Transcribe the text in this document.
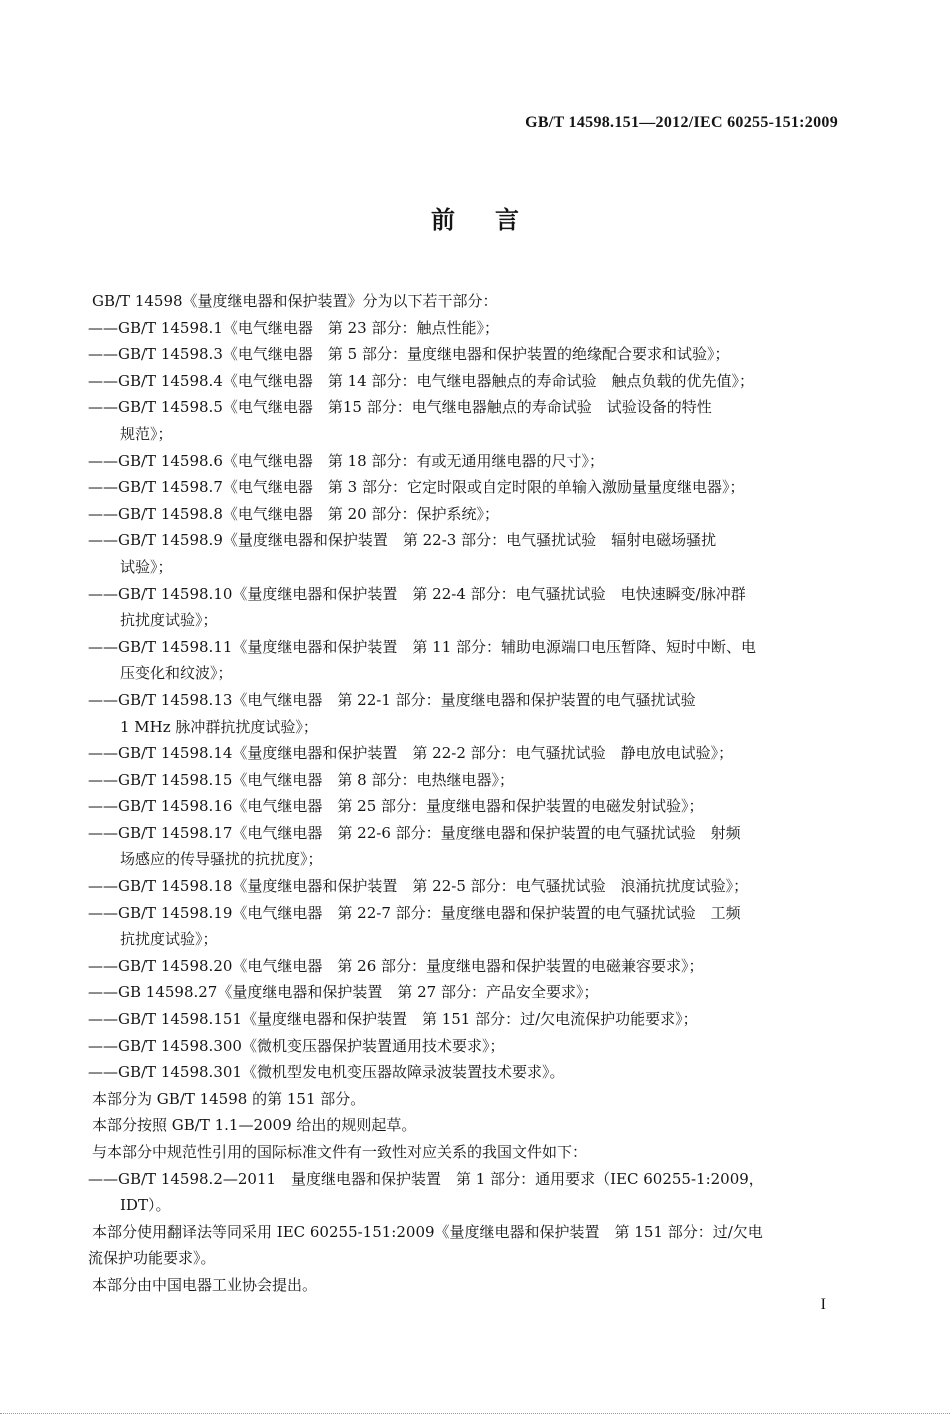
GB/T 14598.151—2012/IEC 60255-151:2009
前言

GB/T 14598《量度继电器和保护装置》分为以下若干部分：

——GB/T 14598.1《电气继电器　第 23 部分：触点性能》；

——GB/T 14598.3《电气继电器　第 5 部分：量度继电器和保护装置的绝缘配合要求和试验》；

——GB/T 14598.4《电气继电器　第 14 部分：电气继电器触点的寿命试验　触点负载的优先值》；

——GB/T 14598.5《电气继电器　第15 部分：电气继电器触点的寿命试验　试验设备的特性

规范》；

——GB/T 14598.6《电气继电器　第 18 部分：有或无通用继电器的尺寸》；

——GB/T 14598.7《电气继电器　第 3 部分：它定时限或自定时限的单输入激励量量度继电器》；

——GB/T 14598.8《电气继电器　第 20 部分：保护系统》；

——GB/T 14598.9《量度继电器和保护装置　第 22-3 部分：电气骚扰试验　辐射电磁场骚扰

试验》；

——GB/T 14598.10《量度继电器和保护装置　第 22-4 部分：电气骚扰试验　电快速瞬变/脉冲群

抗扰度试验》；

——GB/T 14598.11《量度继电器和保护装置　第 11 部分：辅助电源端口电压暂降、短时中断、电

压变化和纹波》；

——GB/T 14598.13《电气继电器　第 22-1 部分：量度继电器和保护装置的电气骚扰试验

1 MHz 脉冲群抗扰度试验》；

——GB/T 14598.14《量度继电器和保护装置　第 22-2 部分：电气骚扰试验　静电放电试验》；

——GB/T 14598.15《电气继电器　第 8 部分：电热继电器》；

——GB/T 14598.16《电气继电器　第 25 部分：量度继电器和保护装置的电磁发射试验》；

——GB/T 14598.17《电气继电器　第 22-6 部分：量度继电器和保护装置的电气骚扰试验　射频

场感应的传导骚扰的抗扰度》；

——GB/T 14598.18《量度继电器和保护装置　第 22-5 部分：电气骚扰试验　浪涌抗扰度试验》；

——GB/T 14598.19《电气继电器　第 22-7 部分：量度继电器和保护装置的电气骚扰试验　工频

抗扰度试验》；

——GB/T 14598.20《电气继电器　第 26 部分：量度继电器和保护装置的电磁兼容要求》；

——GB 14598.27《量度继电器和保护装置　第 27 部分：产品安全要求》；

——GB/T 14598.151《量度继电器和保护装置　第 151 部分：过/欠电流保护功能要求》；

——GB/T 14598.300《微机变压器保护装置通用技术要求》；

——GB/T 14598.301《微机型发电机变压器故障录波装置技术要求》。

本部分为 GB/T 14598 的第 151 部分。

本部分按照 GB/T 1.1—2009 给出的规则起草。

与本部分中规范性引用的国际标准文件有一致性对应关系的我国文件如下：

——GB/T 14598.2—2011　量度继电器和保护装置　第 1 部分：通用要求（IEC 60255-1:2009，

IDT）。

本部分使用翻译法等同采用 IEC 60255-151:2009《量度继电器和保护装置　第 151 部分：过/欠电

流保护功能要求》。

本部分由中国电器工业协会提出。

I
